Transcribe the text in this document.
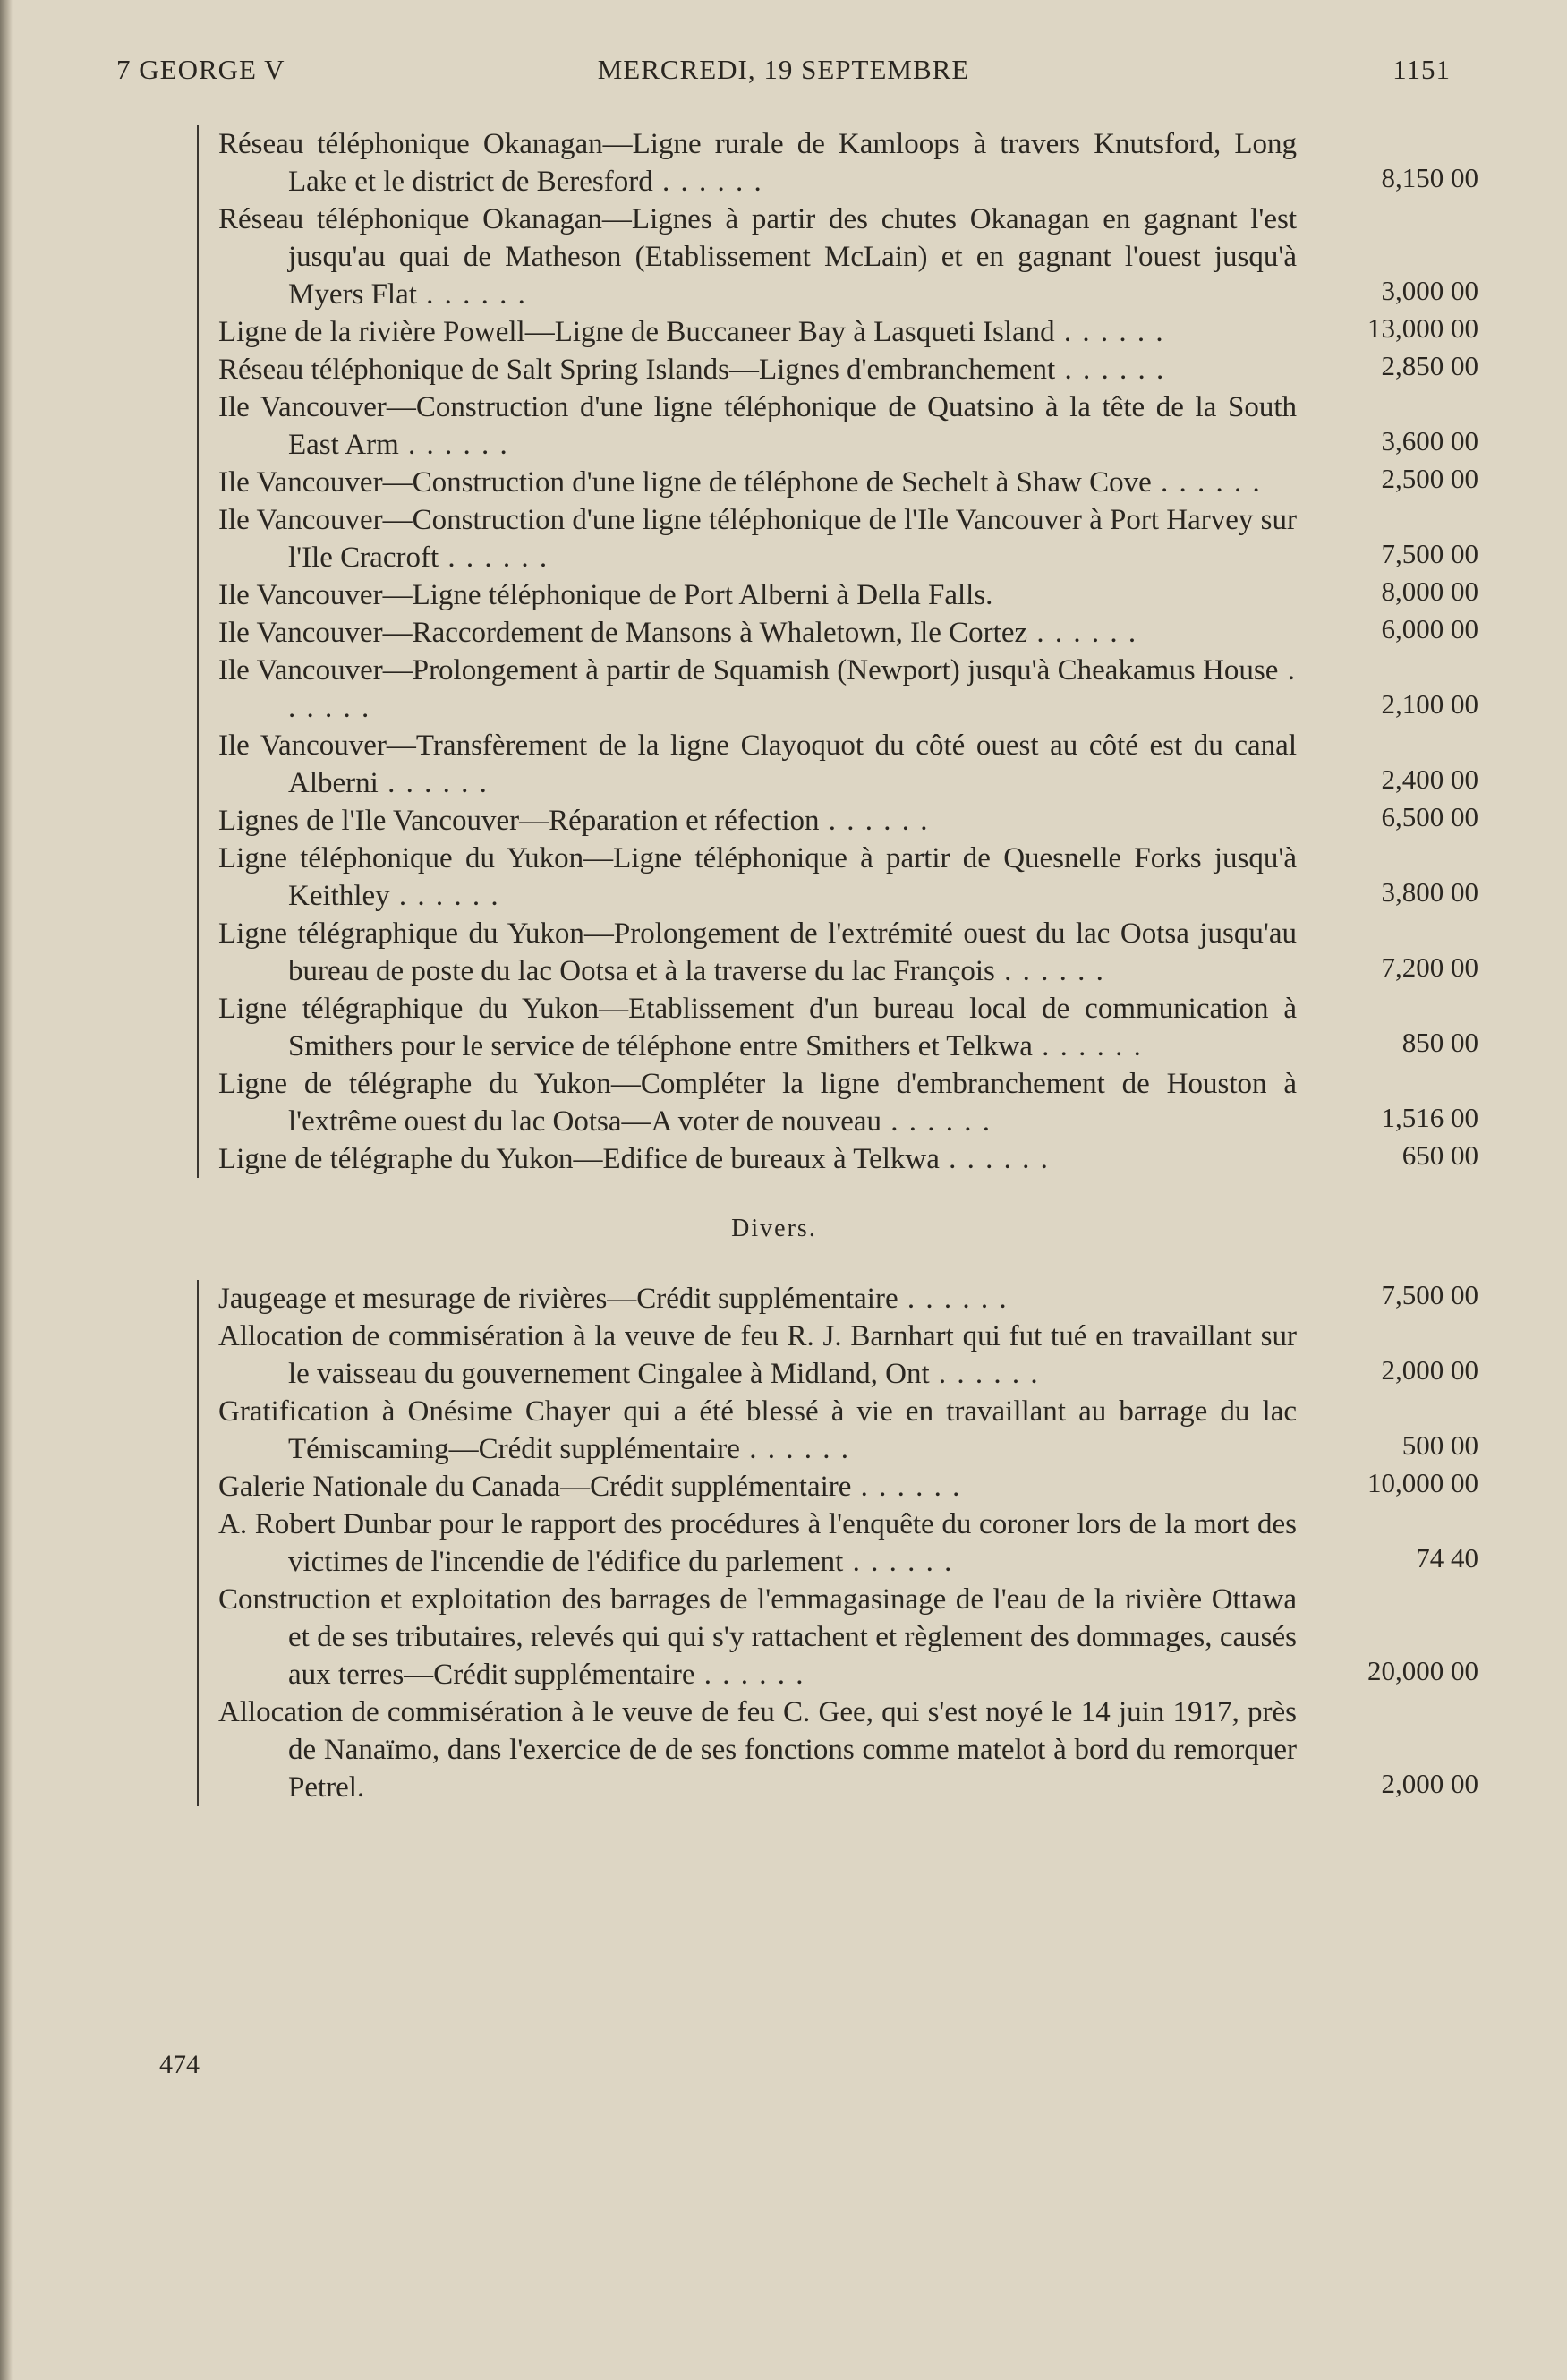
7 GEORGE V	MERCREDI, 19 SEPTEMBRE	1151
Réseau téléphonique Okanagan—Ligne rurale de Kamloops à travers Knutsford, Long Lake et le district de Beresford . . . . . .	8,150 00
Réseau téléphonique Okanagan—Lignes à partir des chutes Okanagan en gagnant l'est jusqu'au quai de Matheson (Etablissement McLain) et en gagnant l'ouest jusqu'à Myers Flat . . . . . .	3,000 00
Ligne de la rivière Powell—Ligne de Buccaneer Bay à Lasqueti Island . . . . . .	13,000 00
Réseau téléphonique de Salt Spring Islands—Lignes d'embranchement . . . . . .	2,850 00
Ile Vancouver—Construction d'une ligne téléphonique de Quatsino à la tête de la South East Arm . . . . . .	3,600 00
Ile Vancouver—Construction d'une ligne de téléphone de Sechelt à Shaw Cove . . . . . .	2,500 00
Ile Vancouver—Construction d'une ligne téléphonique de l'Ile Vancouver à Port Harvey sur l'Ile Cracroft . . . . . .	7,500 00
Ile Vancouver—Ligne téléphonique de Port Alberni à Della Falls.	8,000 00
Ile Vancouver—Raccordement de Mansons à Whaletown, Ile Cortez . . . . . .	6,000 00
Ile Vancouver—Prolongement à partir de Squamish (Newport) jusqu'à Cheakamus House . . . . . .	2,100 00
Ile Vancouver—Transfèrement de la ligne Clayoquot du côté ouest au côté est du canal Alberni . . . . . .	2,400 00
Lignes de l'Ile Vancouver—Réparation et réfection . . . . . .	6,500 00
Ligne téléphonique du Yukon—Ligne téléphonique à partir de Quesnelle Forks jusqu'à Keithley . . . . . .	3,800 00
Ligne télégraphique du Yukon—Prolongement de l'extrémité ouest du lac Ootsa jusqu'au bureau de poste du lac Ootsa et à la traverse du lac François . . . . . .	7,200 00
Ligne télégraphique du Yukon—Etablissement d'un bureau local de communication à Smithers pour le service de téléphone entre Smithers et Telkwa . . . . . .	850 00
Ligne de télégraphe du Yukon—Compléter la ligne d'embranchement de Houston à l'extrême ouest du lac Ootsa—A voter de nouveau . . . . . .	1,516 00
Ligne de télégraphe du Yukon—Edifice de bureaux à Telkwa . . . . . .	650 00
Divers.
Jaugeage et mesurage de rivières—Crédit supplémentaire . . . . . .	7,500 00
Allocation de commisération à la veuve de feu R. J. Barnhart qui fut tué en travaillant sur le vaisseau du gouvernement Cingalee à Midland, Ont . . . . . .	2,000 00
Gratification à Onésime Chayer qui a été blessé à vie en travaillant au barrage du lac Témiscaming—Crédit supplémentaire . . . . . .	500 00
Galerie Nationale du Canada—Crédit supplémentaire . . . . . .	10,000 00
A. Robert Dunbar pour le rapport des procédures à l'enquête du coroner lors de la mort des victimes de l'incendie de l'édifice du parlement . . . . . .	74 40
Construction et exploitation des barrages de l'emmagasinage de l'eau de la rivière Ottawa et de ses tributaires, relevés qui qui s'y rattachent et règlement des dommages, causés aux terres—Crédit supplémentaire . . . . . .	20,000 00
Allocation de commisération à le veuve de feu C. Gee, qui s'est noyé le 14 juin 1917, près de Nanaïmo, dans l'exercice de de ses fonctions comme matelot à bord du remorquer Petrel.	2,000 00
474
